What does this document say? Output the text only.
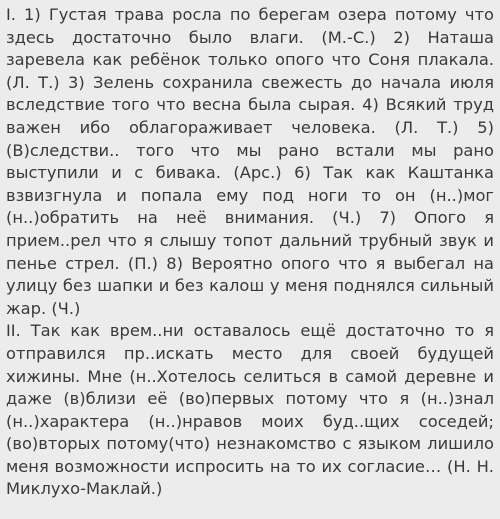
I. 1) Густая трава росла по берегам озера потому что здесь достаточно было влаги. (М.-С.) 2) Наташа заревела как ребёнок только опого что Соня плакала. (Л. Т.) 3) Зелень сохранила свежесть до начала июля вследствие того что весна была сырая. 4) Всякий труд важен ибо облагораживает человека. (Л. Т.) 5) (В)следстви.. того что мы рано встали мы рано выступили и с бивака. (Арс.) 6) Так как Каштанка взвизгнула и попала ему под ноги то он (н..)мог (н..)обратить на неё внимания. (Ч.) 7) Опого я прием..рел что я слышу топот дальний трубный звук и пенье стрел. (П.) 8) Вероятно опого что я выбегал на улицу без шапки и без калош у меня поднялся сильный жар. (Ч.)

II. Так как врем..ни оставалось ещё достаточно то я отправился пр..искать место для своей будущей хижины. Мне (н..Хотелось селиться в самой деревне и даже (в)близи её (во)первых потому что я (н..)знал (н..)характера (н..)нравов моих буд..щих соседей; (во)вторых потому(что) незнакомство с языком лишило меня возможности испросить на то их согласие… (Н. Н. Миклухо-Маклай.)
